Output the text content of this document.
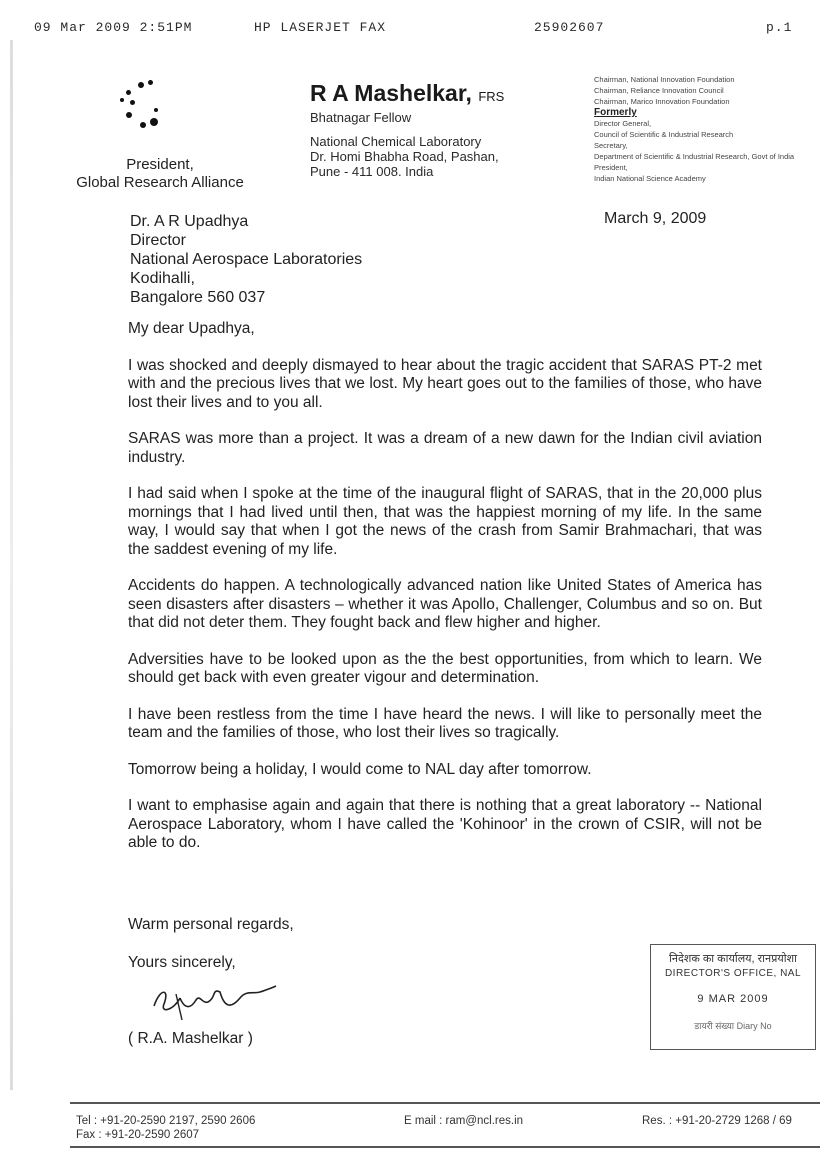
09 Mar 2009 2:51PM	HP LASERJET FAX	25902607	p.1
President,
Global Research Alliance
R A Mashelkar, FRS
Bhatnagar Fellow
National Chemical Laboratory
Dr. Homi Bhabha Road, Pashan,
Pune - 411 008. India
Chairman, National Innovation Foundation
Chairman, Reliance Innovation Council
Chairman, Marico Innovation Foundation
Formerly
Director General,
Council of Scientific & Industrial Research
Secretary,
Department of Scientific & Industrial Research, Govt of India
President,
Indian National Science Academy
March 9, 2009
Dr. A R Upadhya
Director
National Aerospace Laboratories
Kodihalli,
Bangalore 560 037

My dear Upadhya,

I was shocked and deeply dismayed to hear about the tragic accident that SARAS PT-2 met with and the precious lives that we lost. My heart goes out to the families of those, who have lost their lives and to you all.

SARAS was more than a project. It was a dream of a new dawn for the Indian civil aviation industry.

I had said when I spoke at the time of the inaugural flight of SARAS, that in the 20,000 plus mornings that I had lived until then, that was the happiest morning of my life. In the same way, I would say that when I got the news of the crash from Samir Brahmachari, that was the saddest evening of my life.

Accidents do happen. A technologically advanced nation like United States of America has seen disasters after disasters – whether it was Apollo, Challenger, Columbus and so on. But that did not deter them. They fought back and flew higher and higher.

Adversities have to be looked upon as the the best opportunities, from which to learn. We should get back with even greater vigour and determination.

I have been restless from the time I have heard the news. I will like to personally meet the team and the families of those, who lost their lives so tragically.

Tomorrow being a holiday, I would come to NAL day after tomorrow.

I want to emphasise again and again that there is nothing that a great laboratory -- National Aerospace Laboratory, whom I have called the 'Kohinoor' in the crown of CSIR, will not be able to do.

Warm personal regards,
Yours sincerely,
( R.A. Mashelkar )
निदेशक का कार्यालय, रानप्रयोशा
DIRECTOR'S OFFICE, NAL
9 MAR 2009
डायरी संख्या Diary No
Tel : +91-20-2590 2197, 2590 2606
Fax : +91-20-2590 2607
E mail : ram@ncl.res.in	Res. : +91-20-2729 1268 / 69
